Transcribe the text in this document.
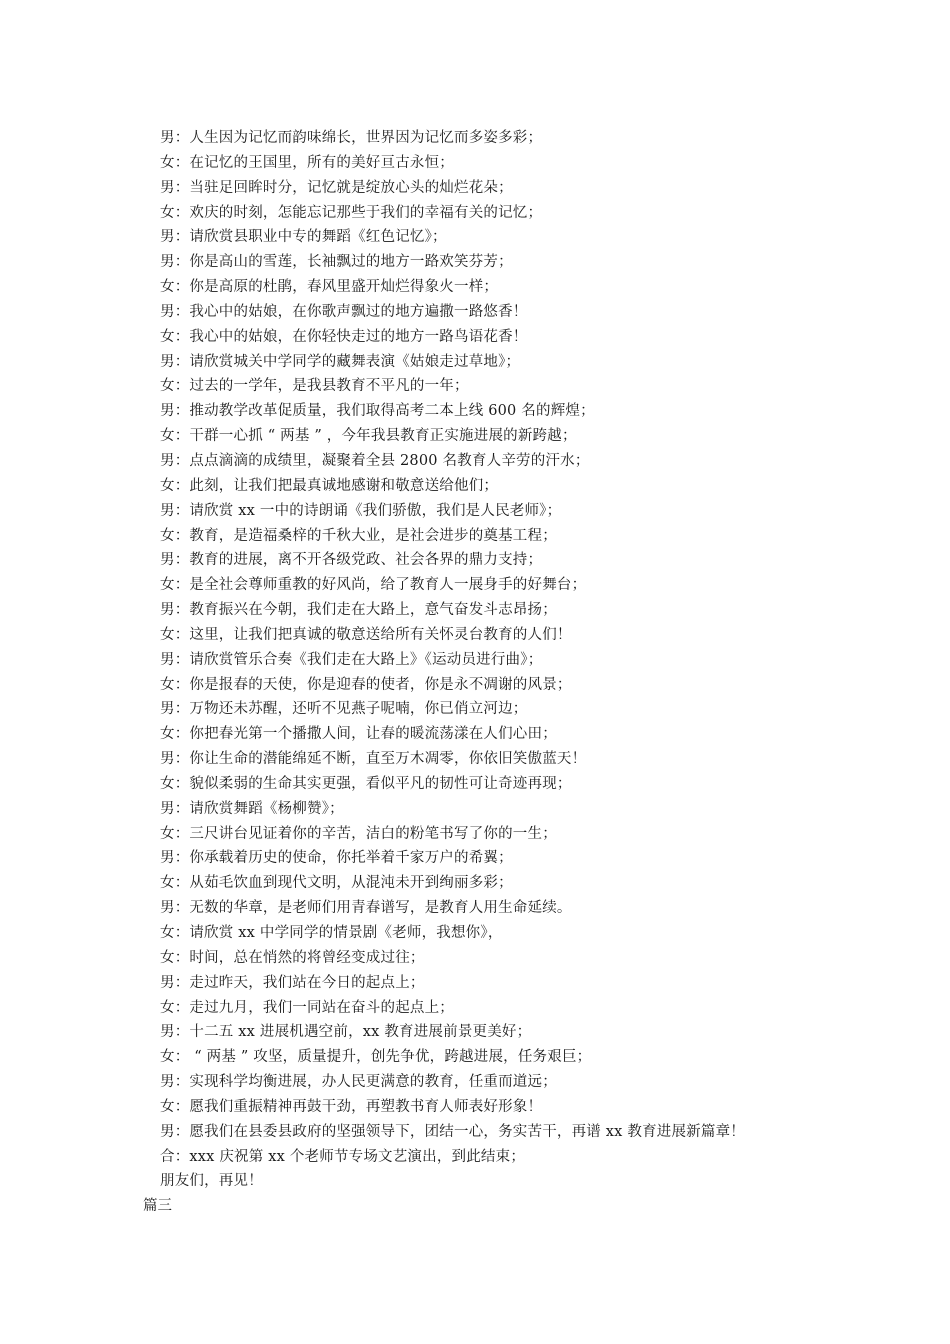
男：人生因为记忆而韵味绵长，世界因为记忆而多姿多彩；
女：在记忆的王国里，所有的美好亘古永恒；
男：当驻足回眸时分，记忆就是绽放心头的灿烂花朵；
女：欢庆的时刻，怎能忘记那些于我们的幸福有关的记忆；
男：请欣赏县职业中专的舞蹈《红色记忆》；
男：你是高山的雪莲，长袖飘过的地方一路欢笑芬芳；
女：你是高原的杜鹃，春风里盛开灿烂得象火一样；
男：我心中的姑娘，在你歌声飘过的地方遍撒一路悠香！
女：我心中的姑娘，在你轻快走过的地方一路鸟语花香！
男：请欣赏城关中学同学的藏舞表演《姑娘走过草地》；
女：过去的一学年，是我县教育不平凡的一年；
男：推动教学改革促质量，我们取得高考二本上线 600 名的辉煌；
女：干群一心抓 “ 两基 ” ，今年我县教育正实施进展的新跨越；
男：点点滴滴的成绩里，凝聚着全县 2800 名教育人辛劳的汗水；
女：此刻，让我们把最真诚地感谢和敬意送给他们；
男：请欣赏 xx 一中的诗朗诵《我们骄傲，我们是人民老师》；
女：教育，是造福桑梓的千秋大业，是社会进步的奠基工程；
男：教育的进展，离不开各级党政、社会各界的鼎力支持；
女：是全社会尊师重教的好风尚，给了教育人一展身手的好舞台；
男：教育振兴在今朝，我们走在大路上，意气奋发斗志昂扬；
女：这里，让我们把真诚的敬意送给所有关怀灵台教育的人们！
男：请欣赏管乐合奏《我们走在大路上》《运动员进行曲》；
女：你是报春的天使，你是迎春的使者，你是永不凋谢的风景；
男：万物还未苏醒，还听不见燕子呢喃，你已俏立河边；
女：你把春光第一个播撒人间，让春的暖流荡漾在人们心田；
男：你让生命的潜能绵延不断，直至万木凋零，你依旧笑傲蓝天！
女：貌似柔弱的生命其实更强，看似平凡的韧性可让奇迹再现；
男：请欣赏舞蹈《杨柳赞》；
女：三尺讲台见证着你的辛苦，洁白的粉笔书写了你的一生；
男：你承载着历史的使命，你托举着千家万户的希翼；
女：从茹毛饮血到现代文明，从混沌未开到绚丽多彩；
男：无数的华章，是老师们用青春谱写，是教育人用生命延续。
女：请欣赏 xx 中学同学的情景剧《老师，我想你》，
女：时间，总在悄然的将曾经变成过往；
男：走过昨天，我们站在今日的起点上；
女：走过九月，我们一同站在奋斗的起点上；
男：十二五 xx 进展机遇空前，xx 教育进展前景更美好；
女： “ 两基 ” 攻坚，质量提升，创先争优，跨越进展，任务艰巨；
男：实现科学均衡进展，办人民更满意的教育，任重而道远；
女：愿我们重振精神再鼓干劲，再塑教书育人师表好形象！
男：愿我们在县委县政府的坚强领导下，团结一心，务实苦干，再谱 xx 教育进展新篇章！
合：xxx 庆祝第 xx 个老师节专场文艺演出，到此结束；
朋友们，再见！
篇三
